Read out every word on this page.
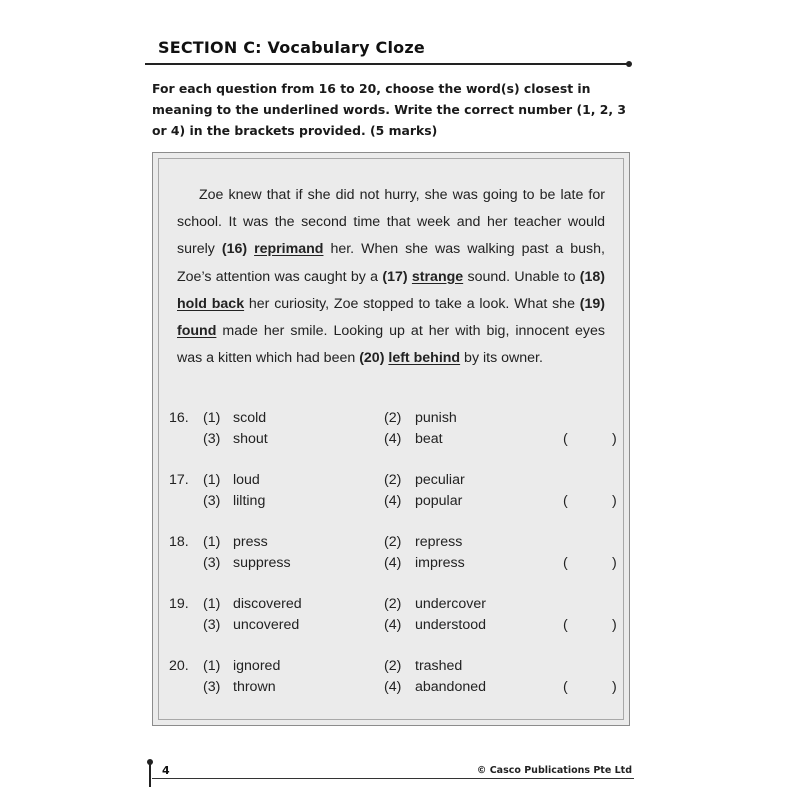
SECTION C: Vocabulary Cloze
For each question from 16 to 20, choose the word(s) closest in meaning to the underlined words. Write the correct number (1, 2, 3 or 4) in the brackets provided. (5 marks)

Zoe knew that if she did not hurry, she was going to be late for school. It was the second time that week and her teacher would surely (16) reprimand her. When she was walking past a bush, Zoe’s attention was caught by a (17) strange sound. Unable to (18) hold back her curiosity, Zoe stopped to take a look. What she (19) found made her smile. Looking up at her with big, innocent eyes was a kitten which had been (20) left behind by its owner.

16. (1) scold	(2) punish
(3) shout	(4) beat	(	)
17. (1) loud	(2) peculiar
(3) lilting	(4) popular	(	)
18. (1) press	(2) repress
(3) suppress	(4) impress	(	)
19. (1) discovered	(2) undercover
(3) uncovered	(4) understood	(	)
20. (1) ignored	(2) trashed
(3) thrown	(4) abandoned	(	)
4	© Casco Publications Pte Ltd
